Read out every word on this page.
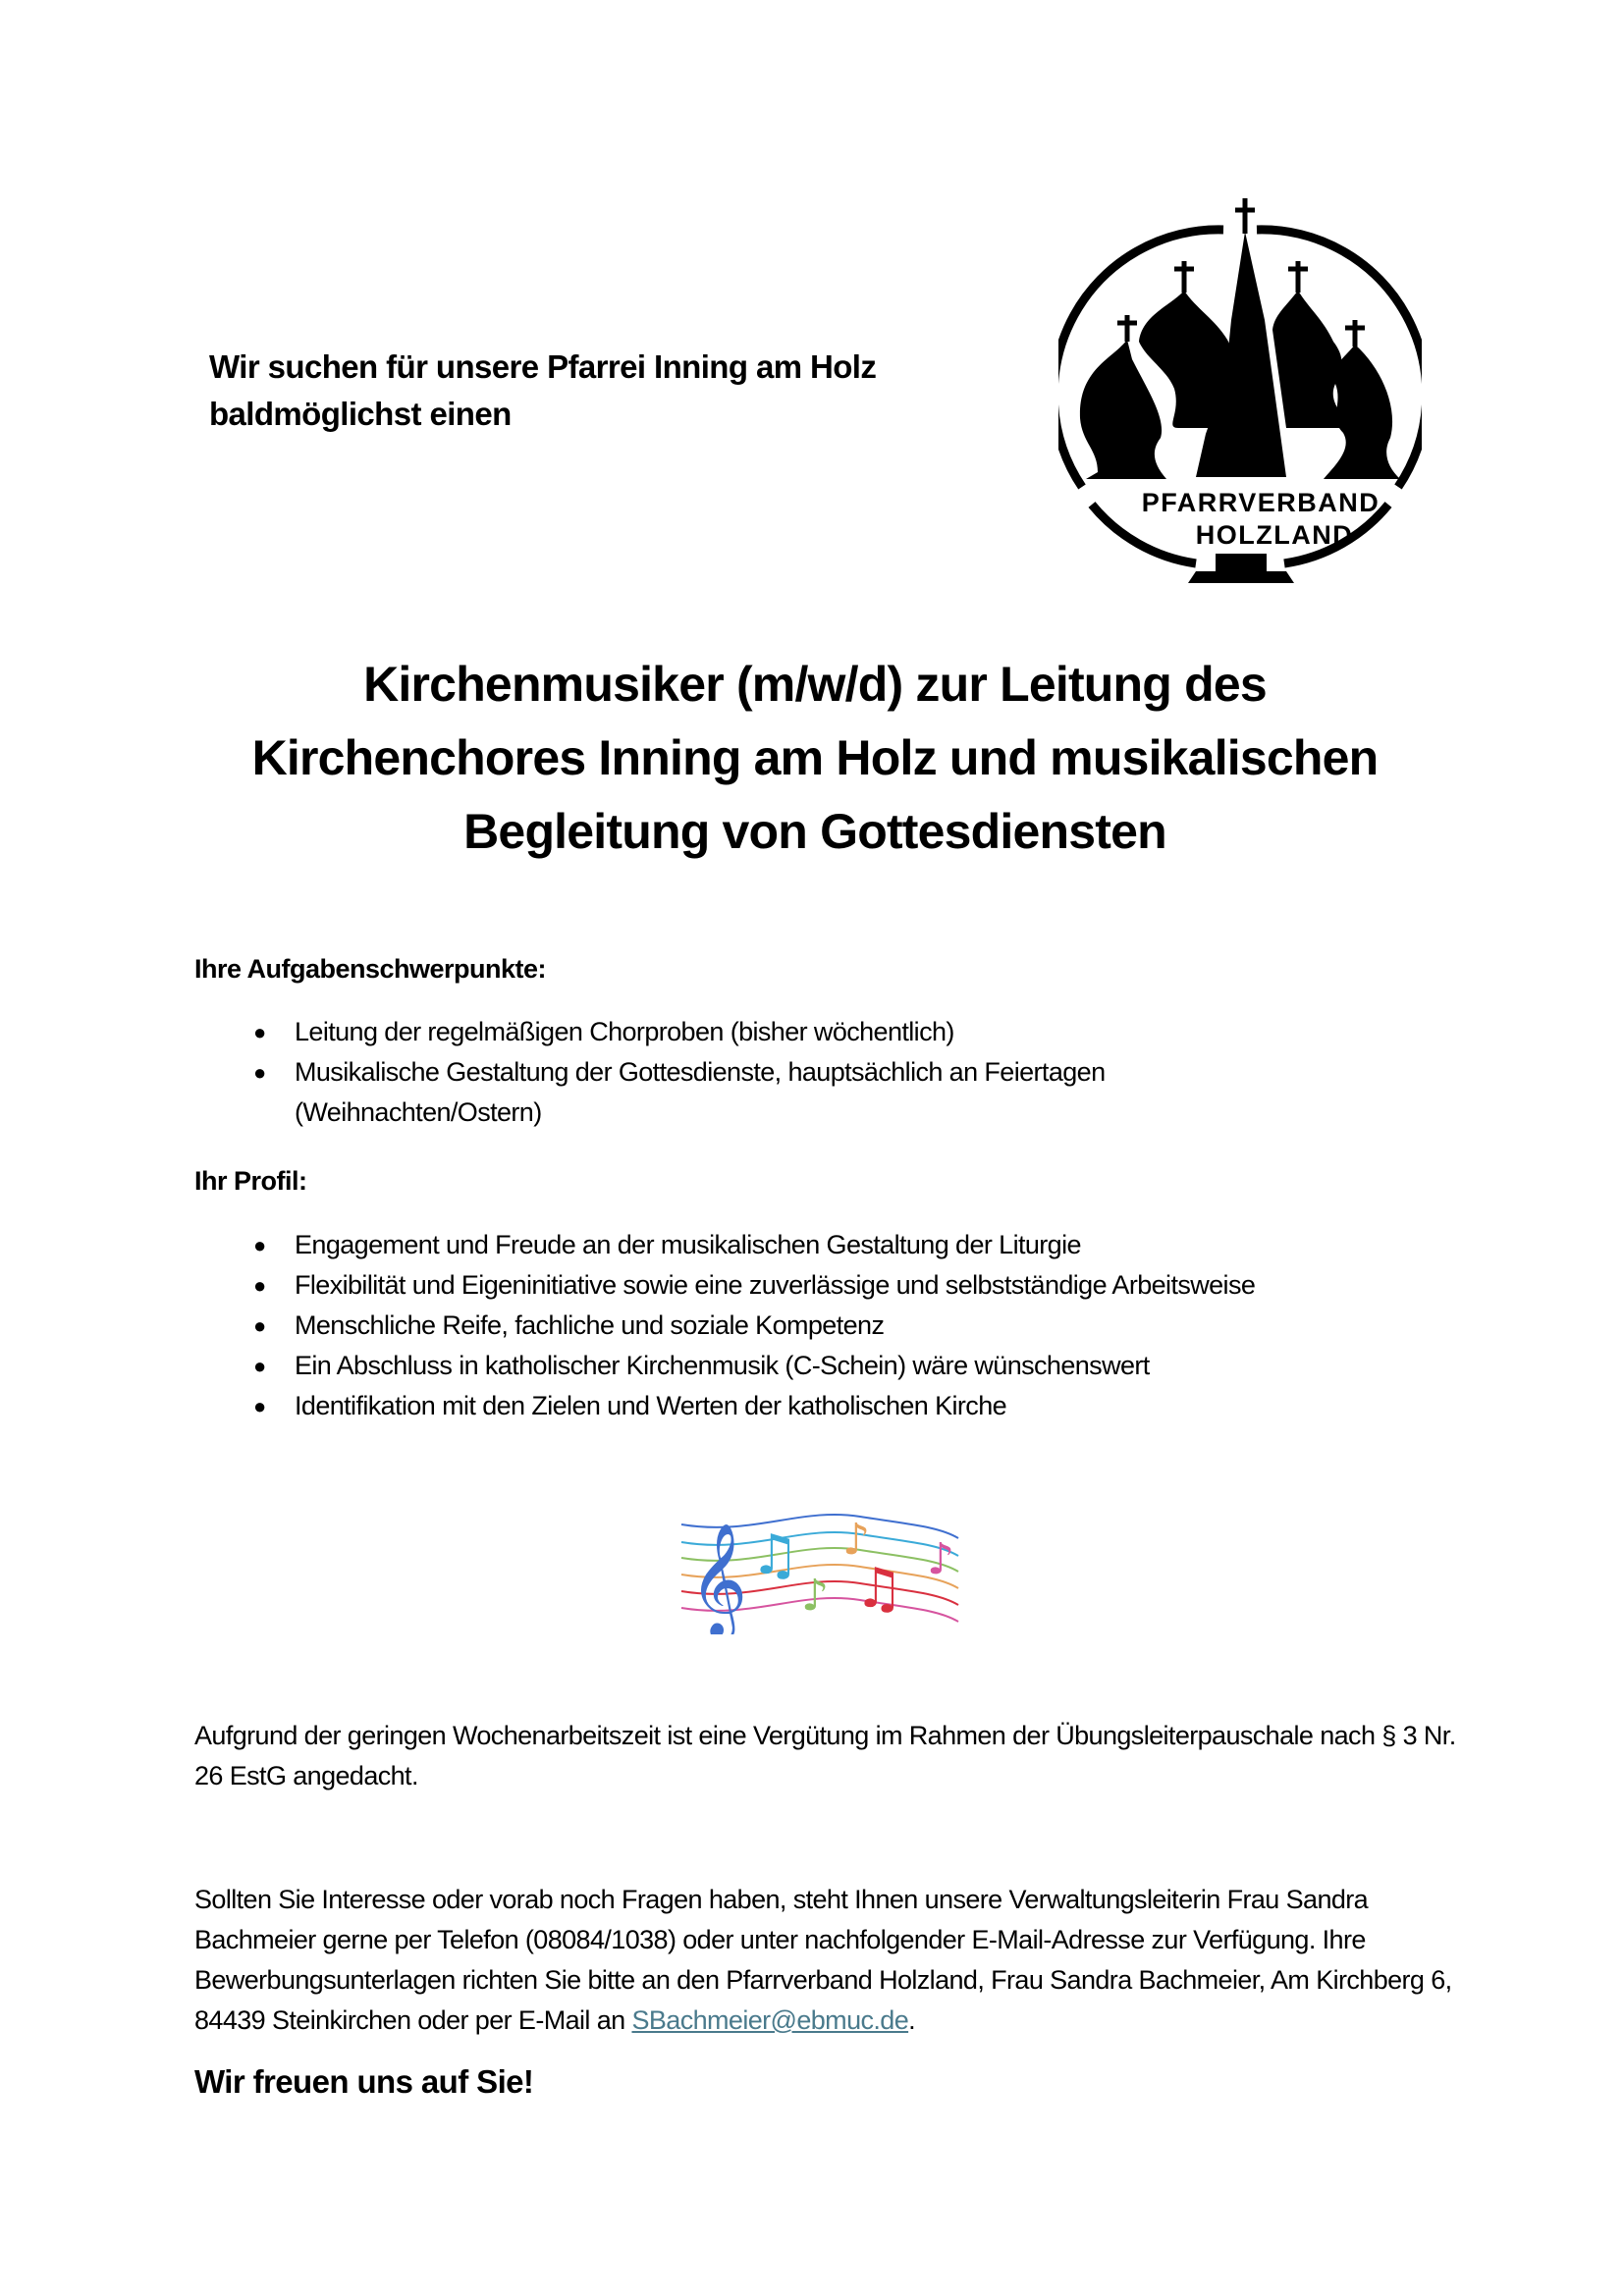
Wir suchen für unsere Pfarrei Inning am Holz
baldmöglichst einen
PFARRVERBAND
HOLZLAND
Kirchenmusiker (m/w/d) zur Leitung des
Kirchenchores Inning am Holz und musikalischen
Begleitung von Gottesdiensten
Ihre Aufgabenschwerpunkte:
● Leitung der regelmäßigen Chorproben (bisher wöchentlich)
● Musikalische Gestaltung der Gottesdienste, hauptsächlich an Feiertagen (Weihnachten/Ostern)
Ihr Profil:
● Engagement und Freude an der musikalischen Gestaltung der Liturgie
● Flexibilität und Eigeninitiative sowie eine zuverlässige und selbstständige Arbeitsweise
● Menschliche Reife, fachliche und soziale Kompetenz
● Ein Abschluss in katholischer Kirchenmusik (C-Schein) wäre wünschenswert
● Identifikation mit den Zielen und Werten der katholischen Kirche
𝄞 ♫
♪
♪
♫ ♪
Aufgrund der geringen Wochenarbeitszeit ist eine Vergütung im Rahmen der Übungsleiterpauschale nach § 3 Nr. 26 EstG angedacht.
Sollten Sie Interesse oder vorab noch Fragen haben, steht Ihnen unsere Verwaltungsleiterin Frau Sandra Bachmeier gerne per Telefon (08084/1038) oder unter nachfolgender E-Mail-Adresse zur Verfügung. Ihre Bewerbungsunterlagen richten Sie bitte an den Pfarrverband Holzland, Frau Sandra Bachmeier, Am Kirchberg 6, 84439 Steinkirchen oder per E-Mail an SBachmeier@ebmuc.de.
Wir freuen uns auf Sie!
